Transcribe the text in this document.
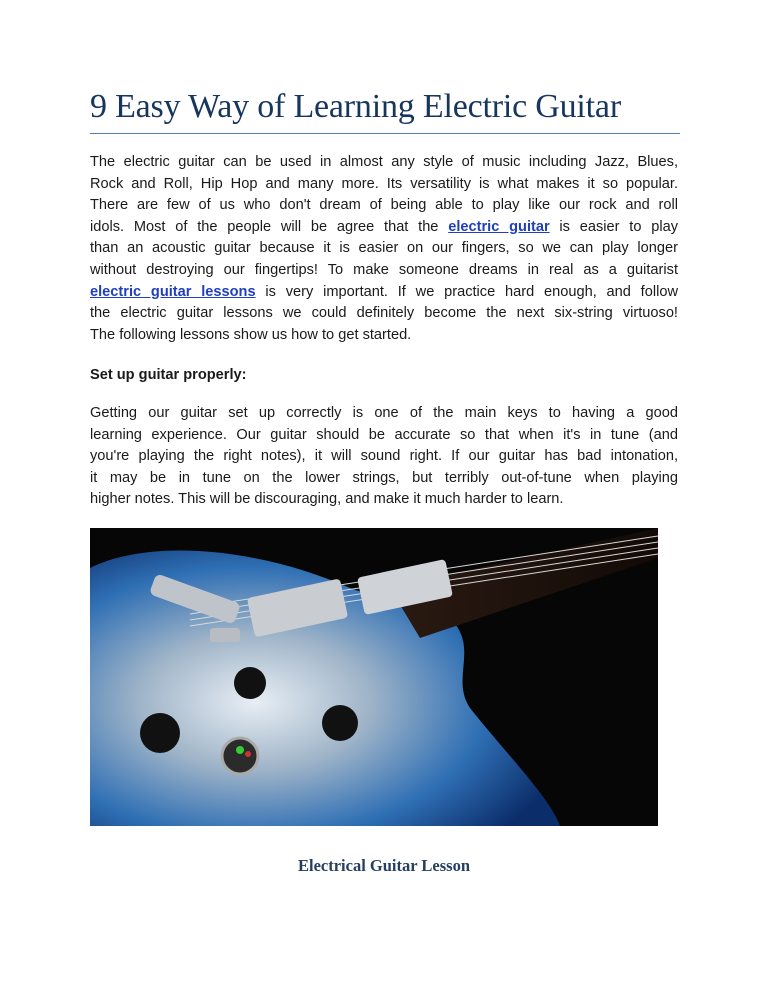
9 Easy Way of Learning Electric Guitar
The electric guitar can be used in almost any style of music including Jazz, Blues,
Rock and Roll, Hip Hop and many more. Its versatility is what makes it so popular.
There are few of us who don't dream of being able to play like our rock and roll
idols. Most of the people will be agree that the electric guitar is easier to play
than an acoustic guitar because it is easier on our fingers, so we can play longer
without destroying our fingertips! To make someone dreams in real as a guitarist
electric guitar lessons is very important. If we practice hard enough, and follow
the electric guitar lessons we could definitely become the next six-string virtuoso!
The following lessons show us how to get started.
Set up guitar properly:
Getting our guitar set up correctly is one of the main keys to having a good
learning experience. Our guitar should be accurate so that when it's in tune (and
you're playing the right notes), it will sound right. If our guitar has bad intonation,
it may be in tune on the lower strings, but terribly out-of-tune when playing
higher notes. This will be discouraging, and make it much harder to learn.
Electrical Guitar Lesson
